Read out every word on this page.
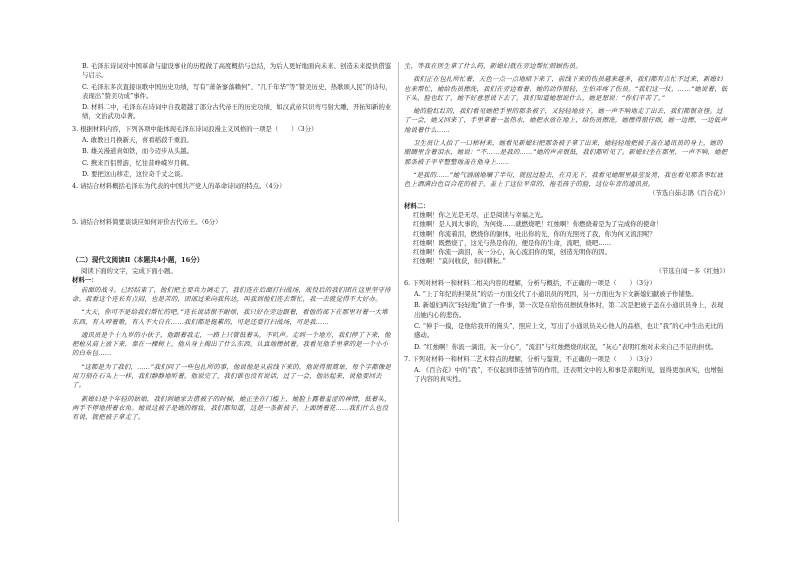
B. 毛泽东诗词对中国革命与建设事业的历程做了高度概括与总结，为后人更好地面向未来、创造未来提供借鉴与启示。

C. 毛泽东多次直接讴歌中国历史功绩，写有“萧条寥落赖何”、“几千年华”等“赞美历史、热歌颂人民”的诗句，表现出“赞美功成”事件。

D. 材料二中，毛泽东在诗词中自我超越了部分古代帝王的历史功绩，如汉武帝只识弯弓射大雕，开拓知新的业绩，文治武功卓著。

3. 根据材料内容，下列各项中能体现毛泽东诗词浪漫主义风格的一项是（　　）（3分）

A. 敢教日月换新天，喜看稻菽千重浪。

B. 雄关漫道真如铁，而今迈步从头越。

C. 携来百侣曾游，忆往昔峥嵘岁月稠。

D. 要把这山移走，这位奇千丈之谈。

4. 请结合材料概括毛泽东为代表的中国共产党人的革命诗词的特点。（4分）

5. 请结合材料简要谈谈应如何评价古代帝王。（6分）

（二）现代文阅读Ⅱ（本题共4小题，16分）

阅读下面的文字，完成下面小题。

材料一：

前面的战斗，已经结束了，他们把主要兵力调走了，我们连在后面打扫战场，战役后的我们团在这里坚守待命。我看这个连长有点闷，也是苦的，团部过来向我传达，叫我到他们连去帮忙，我一去就觉得不大好办。

“大天，你可不是给我们帮忙的吧，”连长说话很不耐烦，我只好在旁边跟着，看他的部下在那里对着一大堆东西，有人哼着歌，有人不大自在……我们都是挺累的，可是还要打扫战场，可是我……

通讯员是个十九岁的小伙子，他跟着我走，一路上只管低着头，不吭声。走到一个地方，我们停了下来，他把枪从肩上放下来，靠在一棵树上，他从身上掏出了什么东西，认真地擦拭着，我看见他手里拿的是一个小小的白布包……

“这都是为了我们，……”我们问了一些包扎所的事，他说他是从前线下来的，他说得很简单，每个字都像是用刀刻在石头上一样，我们静静地听着。他说完了，我们谁也没有说话，过了一会，他站起来，说他要回去了。

新媳妇是个年轻的姑娘，我们到她家去借被子的时候，她正坐在门槛上，她脸上露着羞涩的神情，低着头，两手不停地搓着衣角。她说这被子是她的嫁妆，我们都知道，这是一条新被子，上面绣着花……我们什么也没有说，就把被子拿走了。

生，等我在医生拿了什么药，新媳妇就在旁边帮忙照顾伤员。

我们正在包扎所忙着，天色一点一点地暗下来了，前线下来的伤员越来越多，我们都有点忙不过来，新媳妇也来帮忙，她给伤员擦洗，我们在旁边看着，她的动作很轻，生怕弄疼了伤员。“我们这一仗，……”她说着，低下头，脸也红了，她不好意思说下去了。我们知道她想说什么，她是想说：“你们辛苦了。”

她的脸红红的，我们看见她把手里的那条被子，又轻轻地放下，她一声不响地走了出去，我们都很奇怪。过了一会，她又回来了，手里拿着一盆热水，她把水放在地上，给伤员擦洗，她擦得很仔细，她一边擦，一边低声地说着什么……

卫生员让人抬了一口棺材来，她看见新媳妇把那条被子拿了出来，她轻轻地把被子盖在通讯员的身上，她的眼睛里含着泪水，她说：“不……是我的……”她的声音很低，我们都听见了。新媳妇坐在那里，一声不响，她把那条被子平平整整地盖在他身上……

“是我的……”她气汹汹地嚷了半句，就扭过脸去，在月光下，我看见她眼里晶莹发亮，我也看见那条枣红底色上洒满白色百合花的被子，盖上了这位平常的、拖毛孩子的脸，这位年青的通讯员。

（节选自茹志鹃《百合花》）

材料二：

红烛啊！你之光是无尽，正是阅读与幸福之光。

红烛啊！是人间大事的，为何烧……就燃烧吧！红烛啊！你燃烧着是为了完成你的使命！

红烛啊！你流着泪，燃烧你的躯体，吐出你的光，你的光照亮了我，你为何又流泪呢？

红烛啊！既燃烧了，这光与热是你的，便是你的生命，流吧，烧吧……

红烛啊！你流一滴泪，灰一分心，灰心流泪你的果，创造光明你的因。

红烛啊！“莫问收获，但问耕耘。”

（节选自闻一多《红烛》）

6. 下列对材料一和材料二相关内容的理解，分析与概括，不正确的一项是（　　）（3分）

A. “上了年纪的担架员”的话一方面交代了小通讯员的死因，另一方面也为下文新媳妇献被子作铺垫。

B. 新媳妇两次“轻轻地”做了一件事，第一次是在给伤员擦拭身体时，第二次是把被子盖在小通讯员身上，表现出她内心的悲伤。

C. “伸手一摸，是他给我开的馒头”，照应上文，写出了小通讯员关心他人的品格，也让“我”的心中生出无比的感动。

D. “红烛啊！你流一滴泪，灰一分心”，“流泪”与红烛燃烧的状况，“灰心”表明红烛对未来自己不足的担忧。

7. 下列对材料一和材料二艺术特点的理解，分析与鉴赏，不正确的一项是（　　）（3分）

A. 《百合花》中的“我”，不仅起到串连情节的作用，还表明文中的人和事是亲眼所见，显得更加真实，也增强了内容的真实性。
